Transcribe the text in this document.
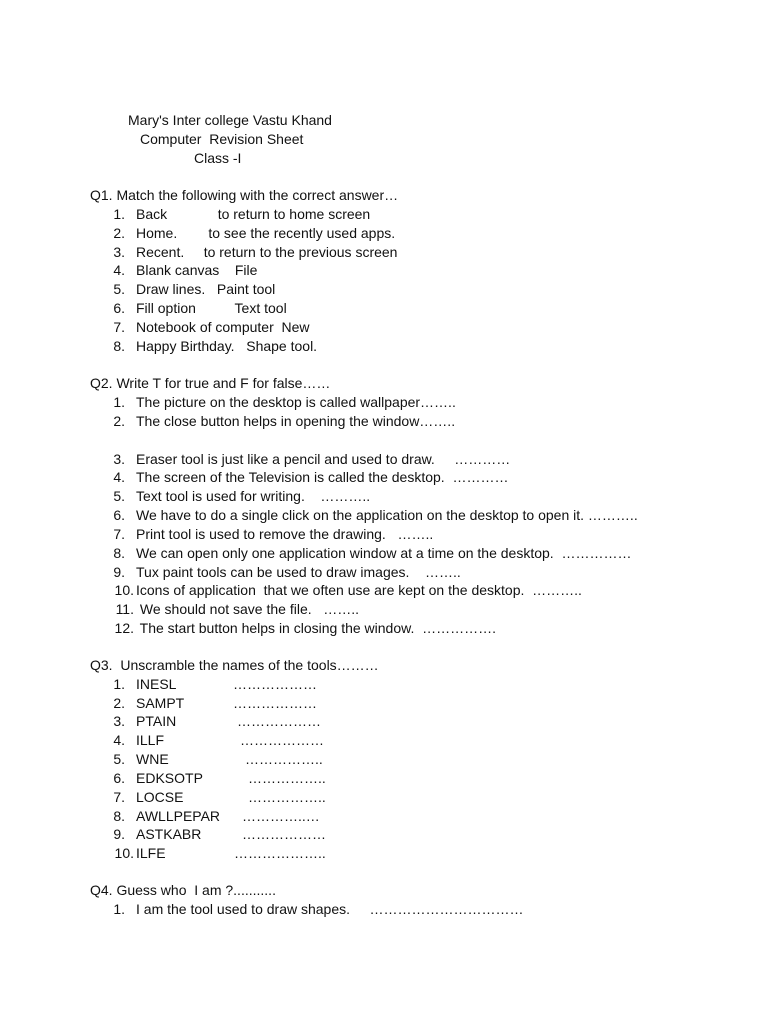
Mary's Inter college Vastu Khand
Computer  Revision Sheet
Class -I
Q1. Match the following with the correct answer…
1. Back             to return to home screen
2. Home.        to see the recently used apps.
3. Recent.     to return to the previous screen
4. Blank canvas    File
5. Draw lines.   Paint tool
6. Fill option          Text tool
7. Notebook of computer  New
8. Happy Birthday.   Shape tool.
Q2. Write T for true and F for false……
1. The picture on the desktop is called wallpaper……..
2. The close button helps in opening the window……..
3. Eraser tool is just like a pencil and used to draw.     …………
4. The screen of the Television is called the desktop.  …………
5. Text tool is used for writing.    ………..
6. We have to do a single click on the application on the desktop to open it. ………..
7. Print tool is used to remove the drawing.   ……..
8. We can open only one application window at a time on the desktop.  ……………
9. Tux paint tools can be used to draw images.    ……..
10. Icons of application  that we often use are kept on the desktop.  ………..
11. We should not save the file.   ……..
12. The start button helps in closing the window.  …………….
Q3.  Unscramble the names of the tools………
1. INESL	………………
2. SAMPT	………………
3. PTAIN	………………
4. ILLF	………………
5. WNE	……………..
6. EDKSOTP	……………..
7. LOCSE	……………..
8. AWLLPEPAR …………..…
9. ASTKABR	………………
10. ILFE	………………..
Q4. Guess who  I am ?...........
1. I am the tool used to draw shapes.     ……………………………
